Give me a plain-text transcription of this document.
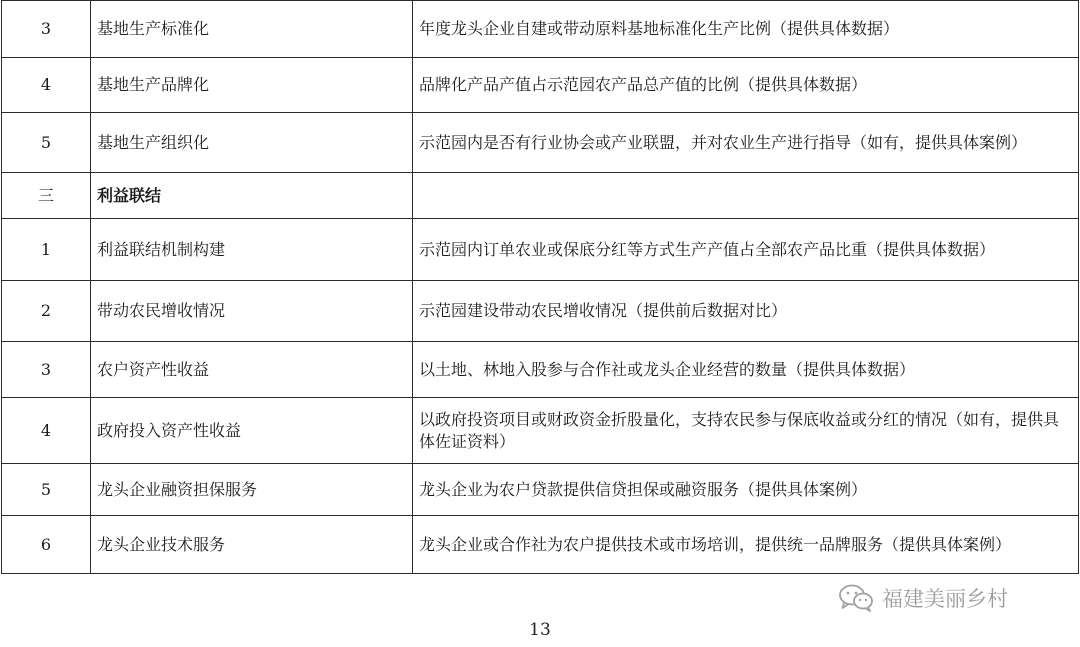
3	基地生产标准化	年度龙头企业自建或带动原料基地标准化生产比例（提供具体数据）
4	基地生产品牌化	品牌化产品产值占示范园农产品总产值的比例（提供具体数据）
5	基地生产组织化	示范园内是否有行业协会或产业联盟，并对农业生产进行指导（如有，提供具体案例）
三	利益联结	
1	利益联结机制构建	示范园内订单农业或保底分红等方式生产产值占全部农产品比重（提供具体数据）
2	带动农民增收情况	示范园建设带动农民增收情况（提供前后数据对比）
3	农户资产性收益	以土地、林地入股参与合作社或龙头企业经营的数量（提供具体数据）
4	政府投入资产性收益	以政府投资项目或财政资金折股量化，支持农民参与保底收益或分红的情况（如有，提供具体佐证资料）
5	龙头企业融资担保服务	龙头企业为农户贷款提供信贷担保或融资服务（提供具体案例）
6	龙头企业技术服务	龙头企业或合作社为农户提供技术或市场培训，提供统一品牌服务（提供具体案例）
福建美丽乡村
13
